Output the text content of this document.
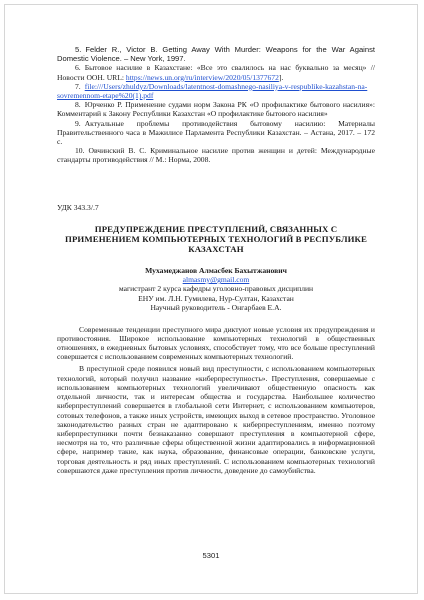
5. Felder R., Victor B. Getting Away With Murder: Weapons for the War Against Domestic Violence. – New York, 1997.

6. Бытовое насилие в Казахстане: «Все это свалилось на нас буквально за месяц» // Новости ООН. URL: https://news.un.org/ru/interview/2020/05/1377672].

7. file:///Users/zhuldyz/Downloads/latentnost-domashnego-nasiliya-v-respublike-kazahstan-na-sovremennom-etape%20(1).pdf

8. Юрченко Р. Применение судами норм Закона РК «О профилактике бытового насилия»: Комментарий к Закону Республики Казахстан «О профилактике бытового насилия»

9. Актуальные проблемы противодействия бытовому насилию: Материалы Правительственного часа в Мажилисе Парламента Республики Казахстан. – Астана, 2017. – 172 с.

10. Овчинский В. С. Криминальное насилие против женщин и детей: Международные стандарты противодействия // М.: Норма, 2008.

УДК 343.3/.7
ПРЕДУПРЕЖДЕНИЕ ПРЕСТУПЛЕНИЙ, СВЯЗАННЫХ С ПРИМЕНЕНИЕМ КОМПЬЮТЕРНЫХ ТЕХНОЛОГИЙ В РЕСПУБЛИКЕ КАЗАХСТАН
Мухамеджанов Алмасбек Бахытжанович
almasmy@gmail.com
магистрант 2 курса кафедры уголовно-правовых дисциплин
ЕНУ им. Л.Н. Гумилева, Нур-Султан, Казахстан
Научный руководитель - Онгарбаев Е.А.

Современные тенденции преступного мира диктуют новые условия их предупреждения и противостояния. Широкое использование компьютерных технологий в общественных отношениях, в ежедневных бытовых условиях, способствует тому, что все больше преступлений совершается с использованием современных компьютерных технологий.

В преступной среде появился новый вид преступности, с использованием компьютерных технологий, который получил название «киберпреступность». Преступления, совершаемые с использованием компьютерных технологий увеличивают общественную опасность как отдельной личности, так и интересам общества и государства. Наибольшее количество киберпреступлений совершается в глобальной сети Интернет, с использованием компьютеров, сотовых телефонов, а также иных устройств, имеющих выход в сетевое пространство. Уголовное законодательство разных стран не адаптировано к киберпреступлениям, именно поэтому киберпреступники почти безнаказанно совершают преступления в компьютерной сфере, несмотря на то, что различные сферы общественной жизни адаптировались в информационной сфере, например такие, как наука, образование, финансовые операции, банковские услуги, торговая деятельность и ряд иных преступлений. С использованием компьютерных технологий совершаются даже преступления против личности, доведение до самоубийства.

5301
